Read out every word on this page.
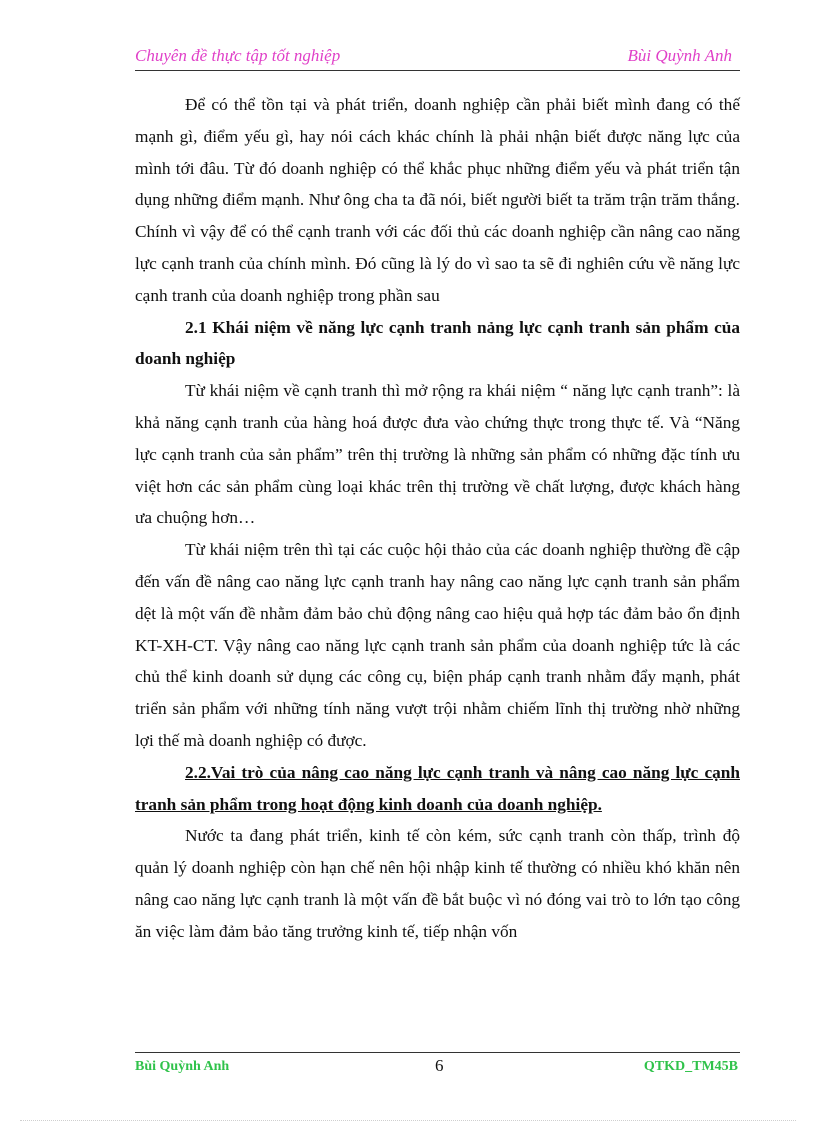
Chuyên đề thực tập tốt nghiệp	Bùi Quỳnh Anh

Để có thể tồn tại và phát triển, doanh nghiệp cần phải biết mình đang có thế mạnh gì, điểm yếu gì, hay nói cách khác chính là phải nhận biết được năng lực của mình tới đâu. Từ đó doanh nghiệp có thể khắc phục những điểm yếu và phát triển tận dụng những điểm mạnh. Như ông cha ta đã nói, biết người biết ta trăm trận trăm thắng. Chính vì vậy để có thể cạnh tranh với các đối thủ các doanh nghiệp cần nâng cao năng lực cạnh tranh của chính mình. Đó cũng là lý do vì sao ta sẽ đi nghiên cứu về năng lực cạnh tranh của doanh nghiệp trong phần sau

2.1 Khái niệm về năng lực cạnh tranh nảng lực cạnh tranh sản phẩm của doanh nghiệp

Từ khái niệm về cạnh tranh thì mở rộng ra khái niệm “ năng lực cạnh tranh”: là khả năng cạnh tranh của hàng hoá được đưa vào chứng thực trong thực tế. Và “Năng lực cạnh tranh của sản phẩm” trên thị trường là những sản phẩm có những đặc tính ưu việt hơn các sản phẩm cùng loại khác trên thị trường về chất lượng, được khách hàng ưa chuộng hơn…

Từ khái niệm trên thì tại các cuộc hội thảo của các doanh nghiệp thường đề cập đến vấn đề nâng cao năng lực cạnh tranh hay nâng cao năng lực cạnh tranh sản phẩm dệt là một vấn đề nhằm đảm bảo chủ động nâng cao hiệu quả hợp tác đảm bảo ổn định KT-XH-CT. Vậy nâng cao năng lực cạnh tranh sản phẩm của doanh nghiệp tức là các chủ thể kinh doanh sử dụng các công cụ, biện pháp cạnh tranh nhằm đẩy mạnh, phát triển sản phẩm với những tính năng vượt trội nhằm chiếm lĩnh thị trường nhờ những lợi thế mà doanh nghiệp có được.

2.2.Vai trò của nâng cao năng lực cạnh tranh và nâng cao năng lực cạnh tranh sản phẩm trong hoạt động kinh doanh của doanh nghiệp.

Nước ta đang phát triển, kinh tế còn kém, sức cạnh tranh còn thấp, trình độ quản lý doanh nghiệp còn hạn chế nên hội nhập kinh tế thường có nhiều khó khăn nên nâng cao năng lực cạnh tranh là một vấn đề bắt buộc vì nó đóng vai trò to lớn tạo công ăn việc làm đảm bảo tăng trưởng kinh tế, tiếp nhận vốn

Bùi Quỳnh Anh	6	QTKD_TM45B
